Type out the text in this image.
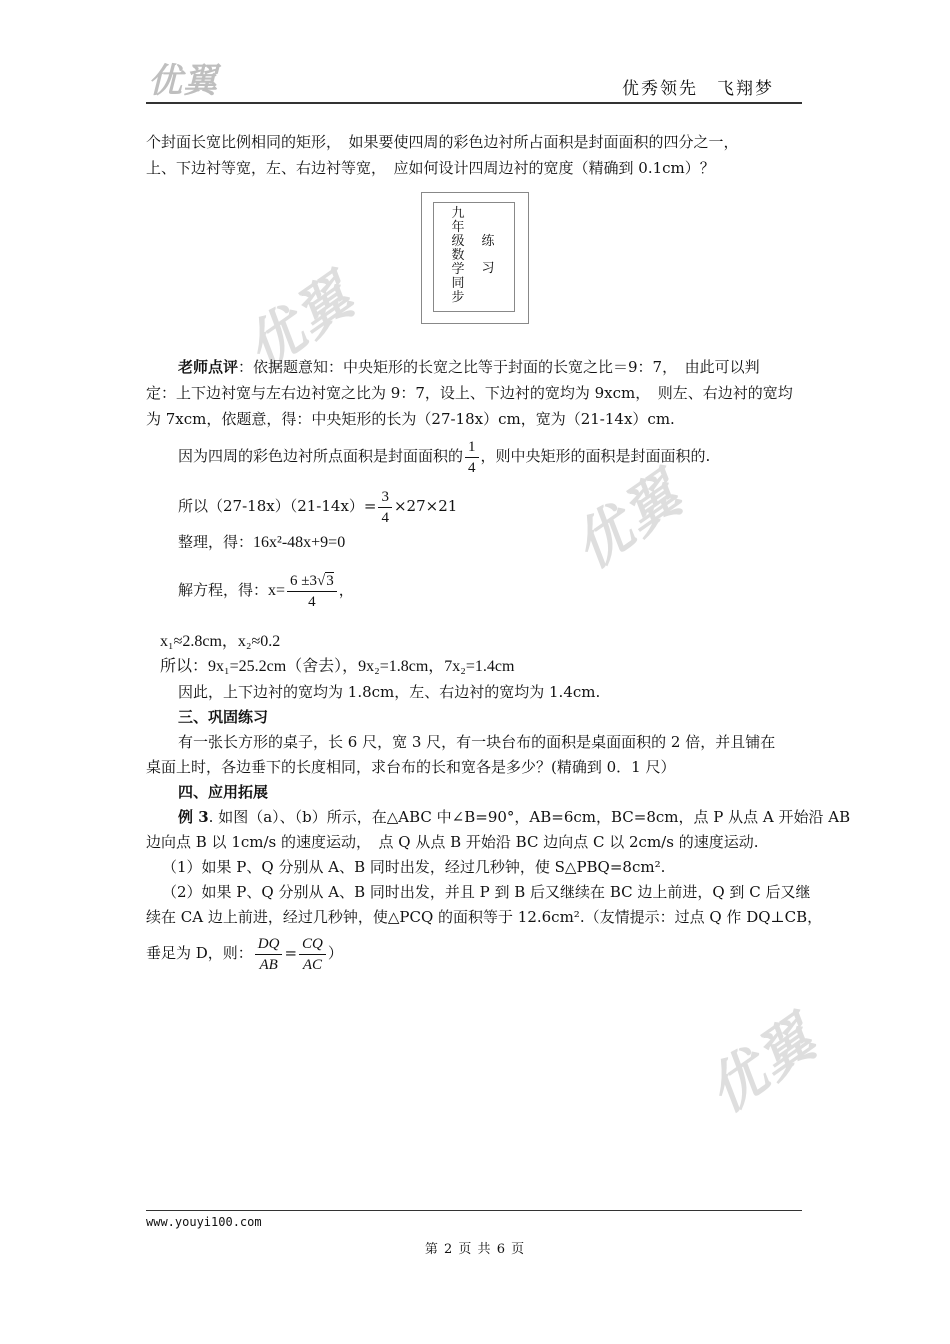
优翼	优秀领先　飞翔梦
优翼
优翼
优翼
个封面长宽比例相同的矩形，　如果要使四周的彩色边衬所占面积是封面面积的四分之一，
上、下边衬等宽，左、右边衬等宽，　应如何设计四周边衬的宽度（精确到 0.1cm）？
九年级数学同步
练
习
老师点评：依据题意知：中央矩形的长宽之比等于封面的长宽之比＝9：7，　由此可以判
定：上下边衬宽与左右边衬宽之比为 9：7，设上、下边衬的宽均为 9xcm，　则左、右边衬的宽均
为 7xcm，依题意，得：中央矩形的长为（27-18x）cm，宽为（21-14x）cm.
因为四周的彩色边衬所点面积是封面面积的 $\frac{1}{4}$ ，则中央矩形的面积是封面面积的.
所以$(27-18x)(21-14x)= \frac{3}{4} \times 27\times 21$
整理，得：16x²-48x+9=0
解方程，得：$x= \frac{6 \pm 3√3}{4}$ ，
x₁≈2.8cm，x₂≈0.2
所以：9x₁=25.2cm（舍去），9x₂=1.8cm，7x₂=1.4cm
因此，上下边衬的宽均为 1.8cm，左、右边衬的宽均为 1.4cm.
三、巩固练习
有一张长方形的桌子，长 6 尺，宽 3 尺，有一块台布的面积是桌面面积的 2 倍，并且铺在
桌面上时，各边垂下的长度相同，求台布的长和宽各是多少？(精确到 0．1 尺）
四、应用拓展
例 3. 如图（a）、（b）所示，在△ABC 中∠B=90°，AB=6cm，BC=8cm，点 P 从点 A 开始沿 AB
边向点 B 以 1cm/s 的速度运动，　点 Q 从点 B 开始沿 BC 边向点 C 以 2cm/s 的速度运动.
（1）如果 P、Q 分别从 A、B 同时出发，经过几秒钟，使 S△PBQ=8cm².
（2）如果 P、Q 分别从 A、B 同时出发，并且 P 到 B 后又继续在 BC 边上前进，Q 到 C 后又继
续在 CA 边上前进，经过几秒钟，使△PCQ 的面积等于 12.6cm².（友情提示：过点 Q 作 DQ⊥CB，
垂足为 D，则： $\frac{DQ}{AB} = \frac{CQ}{AC}$ ）
www.youyi100.com
第 2 页 共 6 页
